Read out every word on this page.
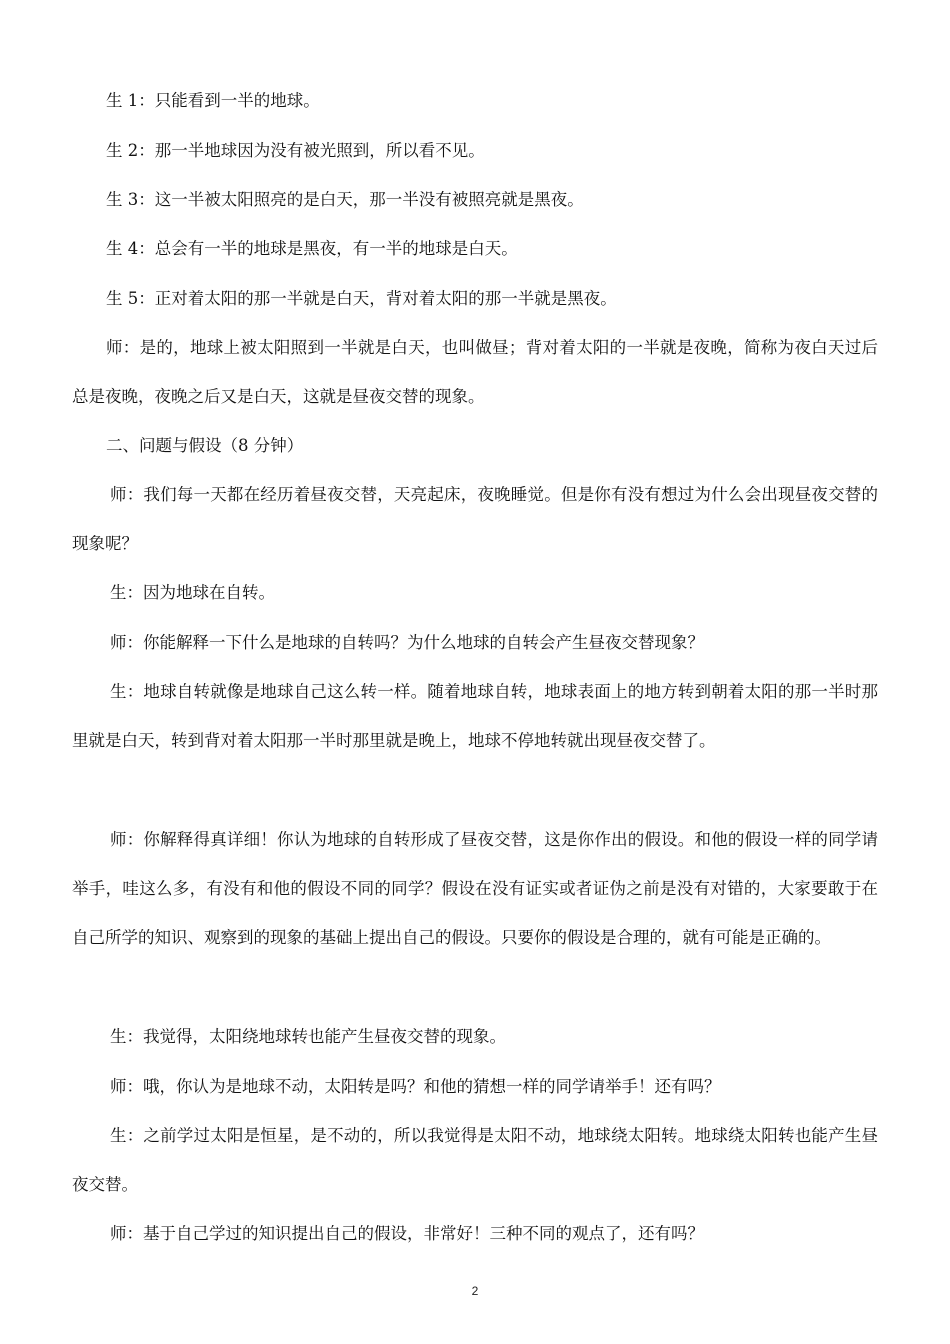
生 1：只能看到一半的地球。

生 2：那一半地球因为没有被光照到，所以看不见。

生 3：这一半被太阳照亮的是白天，那一半没有被照亮就是黑夜。

生 4：总会有一半的地球是黑夜，有一半的地球是白天。

生 5：正对着太阳的那一半就是白天，背对着太阳的那一半就是黑夜。

师：是的，地球上被太阳照到一半就是白天，也叫做昼；背对着太阳的一半就是夜晚，简称为夜白天过后总是夜晚，夜晚之后又是白天，这就是昼夜交替的现象。

二、问题与假设（8 分钟）

师：我们每一天都在经历着昼夜交替，天亮起床，夜晚睡觉。但是你有没有想过为什么会出现昼夜交替的现象呢？

生：因为地球在自转。

师：你能解释一下什么是地球的自转吗？为什么地球的自转会产生昼夜交替现象？

生：地球自转就像是地球自己这么转一样。随着地球自转，地球表面上的地方转到朝着太阳的那一半时那里就是白天，转到背对着太阳那一半时那里就是晚上，地球不停地转就出现昼夜交替了。

师：你解释得真详细！你认为地球的自转形成了昼夜交替，这是你作出的假设。和他的假设一样的同学请举手，哇这么多，有没有和他的假设不同的同学？假设在没有证实或者证伪之前是没有对错的，大家要敢于在自己所学的知识、观察到的现象的基础上提出自己的假设。只要你的假设是合理的，就有可能是正确的。

生：我觉得，太阳绕地球转也能产生昼夜交替的现象。

师：哦，你认为是地球不动，太阳转是吗？和他的猜想一样的同学请举手！还有吗？

生：之前学过太阳是恒星，是不动的，所以我觉得是太阳不动，地球绕太阳转。地球绕太阳转也能产生昼夜交替。

师：基于自己学过的知识提出自己的假设，非常好！三种不同的观点了，还有吗？

2
